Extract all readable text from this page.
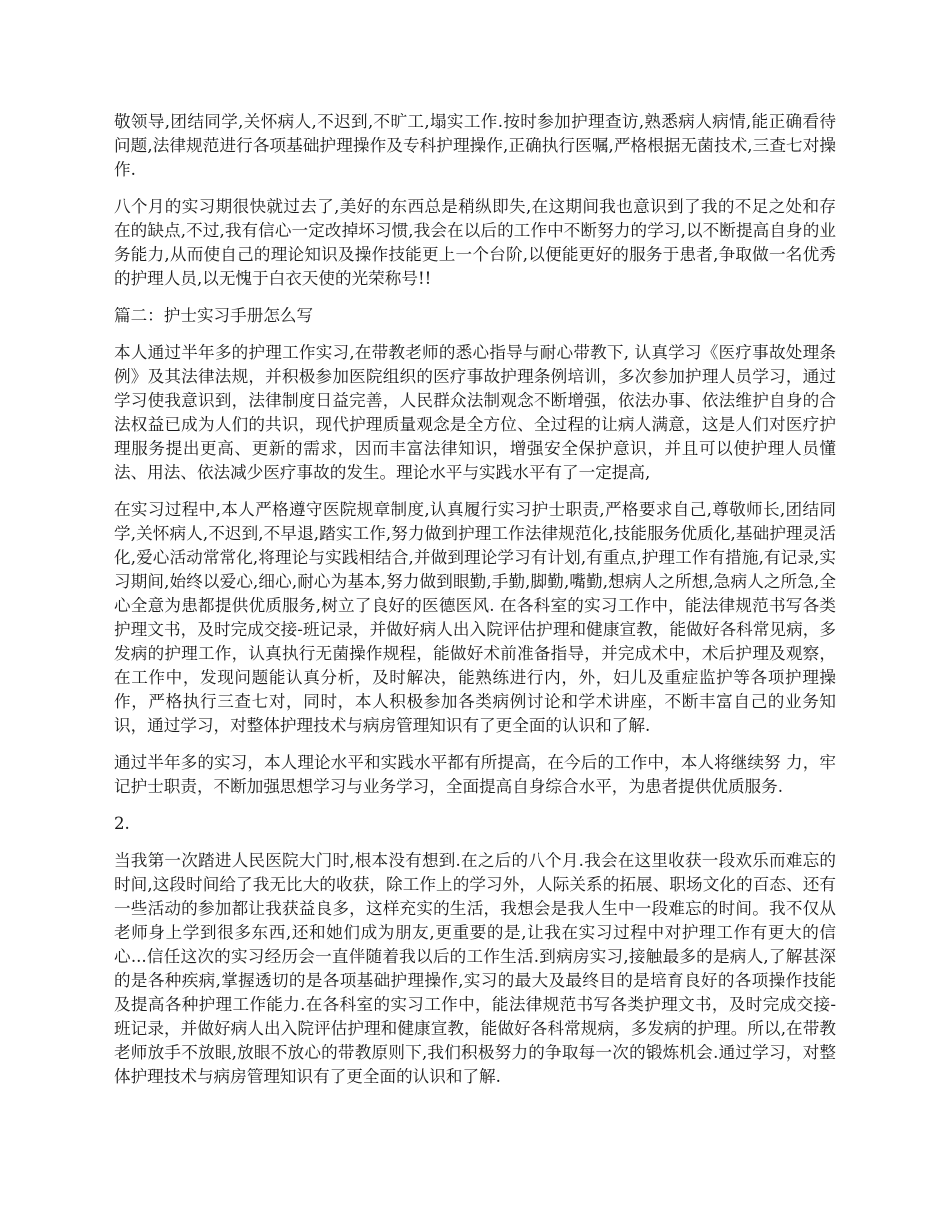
敬领导,团结同学,关怀病人,不迟到,不旷工,塌实工作.按时参加护理查访,熟悉病人病情,能正确看待问题,法律规范进行各项基础护理操作及专科护理操作,正确执行医嘱,严格根据无菌技术,三查七对操作.

八个月的实习期很快就过去了,美好的东西总是稍纵即失,在这期间我也意识到了我的不足之处和存在的缺点,不过,我有信心一定改掉坏习惯,我会在以后的工作中不断努力的学习,以不断提高自身的业务能力,从而使自己的理论知识及操作技能更上一个台阶,以便能更好的服务于患者,争取做一名优秀的护理人员,以无愧于白衣天使的光荣称号!!

篇二：护士实习手册怎么写

本人通过半年多的护理工作实习,在带教老师的悉心指导与耐心带教下, 认真学习《医疗事故处理条例》及其法律法规，并积极参加医院组织的医疗事故护理条例培训，多次参加护理人员学习，通过学习使我意识到，法律制度日益完善，人民群众法制观念不断增强，依法办事、依法维护自身的合法权益已成为人们的共识，现代护理质量观念是全方位、全过程的让病人满意，这是人们对医疗护理服务提出更高、更新的需求，因而丰富法律知识，增强安全保护意识，并且可以使护理人员懂法、用法、依法减少医疗事故的发生。理论水平与实践水平有了一定提高,

在实习过程中,本人严格遵守医院规章制度,认真履行实习护士职责,严格要求自己,尊敬师长,团结同学,关怀病人,不迟到,不早退,踏实工作,努力做到护理工作法律规范化,技能服务优质化,基础护理灵活化,爱心活动常常化,将理论与实践相结合,并做到理论学习有计划,有重点,护理工作有措施,有记录,实习期间,始终以爱心,细心,耐心为基本,努力做到眼勤,手勤,脚勤,嘴勤,想病人之所想,急病人之所急,全心全意为患都提供优质服务,树立了良好的医德医风. 在各科室的实习工作中，能法律规范书写各类护理文书，及时完成交接-班记录，并做好病人出入院评估护理和健康宣教，能做好各科常见病，多发病的护理工作，认真执行无菌操作规程，能做好术前准备指导，并完成术中，术后护理及观察，在工作中，发现问题能认真分析，及时解决，能熟练进行内，外，妇儿及重症监护等各项护理操作，严格执行三查七对，同时，本人积极参加各类病例讨论和学术讲座，不断丰富自己的业务知识，通过学习，对整体护理技术与病房管理知识有了更全面的认识和了解.

通过半年多的实习，本人理论水平和实践水平都有所提高，在今后的工作中，本人将继续努 力，牢记护士职责，不断加强思想学习与业务学习，全面提高自身综合水平，为患者提供优质服务.

2.

当我第一次踏进人民医院大门时,根本没有想到.在之后的八个月.我会在这里收获一段欢乐而难忘的时间,这段时间给了我无比大的收获，除工作上的学习外，人际关系的拓展、职场文化的百态、还有一些活动的参加都让我获益良多，这样充实的生活，我想会是我人生中一段难忘的时间。我不仅从老师身上学到很多东西,还和她们成为朋友,更重要的是,让我在实习过程中对护理工作有更大的信心...信任这次的实习经历会一直伴随着我以后的工作生活.到病房实习,接触最多的是病人,了解甚深的是各种疾病,掌握透切的是各项基础护理操作,实习的最大及最终目的是培育良好的各项操作技能及提高各种护理工作能力.在各科室的实习工作中，能法律规范书写各类护理文书，及时完成交接-班记录，并做好病人出入院评估护理和健康宣教，能做好各科常规病，多发病的护理。所以,在带教老师放手不放眼,放眼不放心的带教原则下,我们积极努力的争取每一次的锻炼机会.通过学习，对整体护理技术与病房管理知识有了更全面的认识和了解.
